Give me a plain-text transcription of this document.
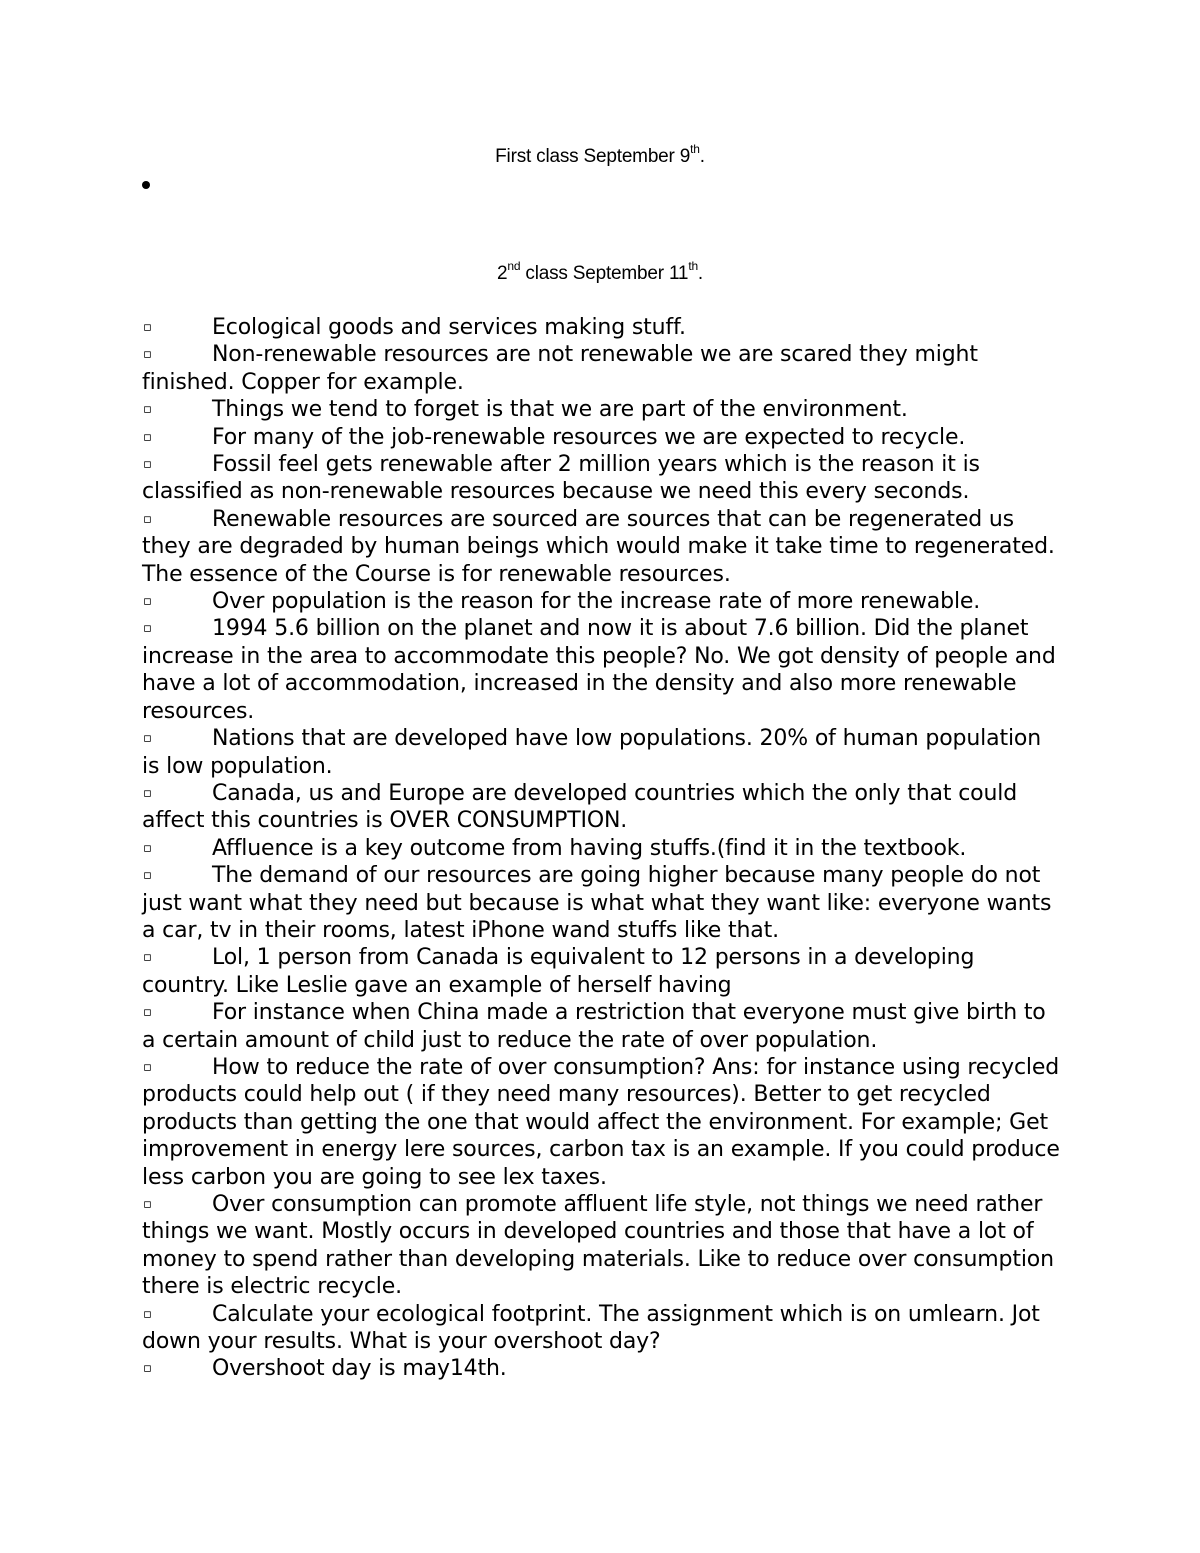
First class September 9th.
2nd class September 11th.
▫	Ecological goods and services making stuff.
▫	Non-renewable resources are not renewable we are scared they might finished. Copper for example.
▫	Things we tend to forget is that we are part of the environment.
▫	For many of the job-renewable resources we are expected to recycle.
▫	Fossil feel gets renewable after 2 million years which is the reason it is classified as non-renewable resources because we need this every seconds.
▫	Renewable resources are sourced are sources that can be regenerated us they are degraded by human beings which would make it take time to regenerated. The essence of the Course is for renewable resources.
▫	Over population is the reason for the increase rate of more renewable.
▫	1994 5.6 billion on the planet and now it is about 7.6 billion. Did the planet increase in the area to accommodate this people? No. We got density of people and have a lot of accommodation, increased in the density and also more renewable resources.
▫	Nations that are developed have low populations. 20% of human population is low population.
▫	Canada, us and Europe are developed countries which the only that could affect this countries is OVER CONSUMPTION.
▫	Affluence is a key outcome from having stuffs.(find it in the textbook.
▫	The demand of our resources are going higher because many people do not just want what they need but because is what what they want like: everyone wants a car, tv in their rooms, latest iPhone wand stuffs like that.
▫	Lol, 1 person from Canada is equivalent to 12 persons in a developing country. Like Leslie gave an example of herself having
▫	For instance when China made a restriction that everyone must give birth to a certain amount of child just to reduce the rate of over population.
▫	How to reduce the rate of over consumption? Ans: for instance using recycled products could help out ( if they need many resources). Better to get recycled products than getting the one that would affect the environment. For example; Get improvement in energy lere sources, carbon tax is an example. If you could produce less carbon you are going to see lex taxes.
▫	Over consumption can promote affluent life style, not things we need rather things we want. Mostly occurs in developed countries and those that have a lot of money to spend rather than developing materials. Like to reduce over consumption there is electric recycle.
▫	Calculate your ecological footprint. The assignment which is on umlearn. Jot down your results. What is your overshoot day?
▫	Overshoot day is may14th.
